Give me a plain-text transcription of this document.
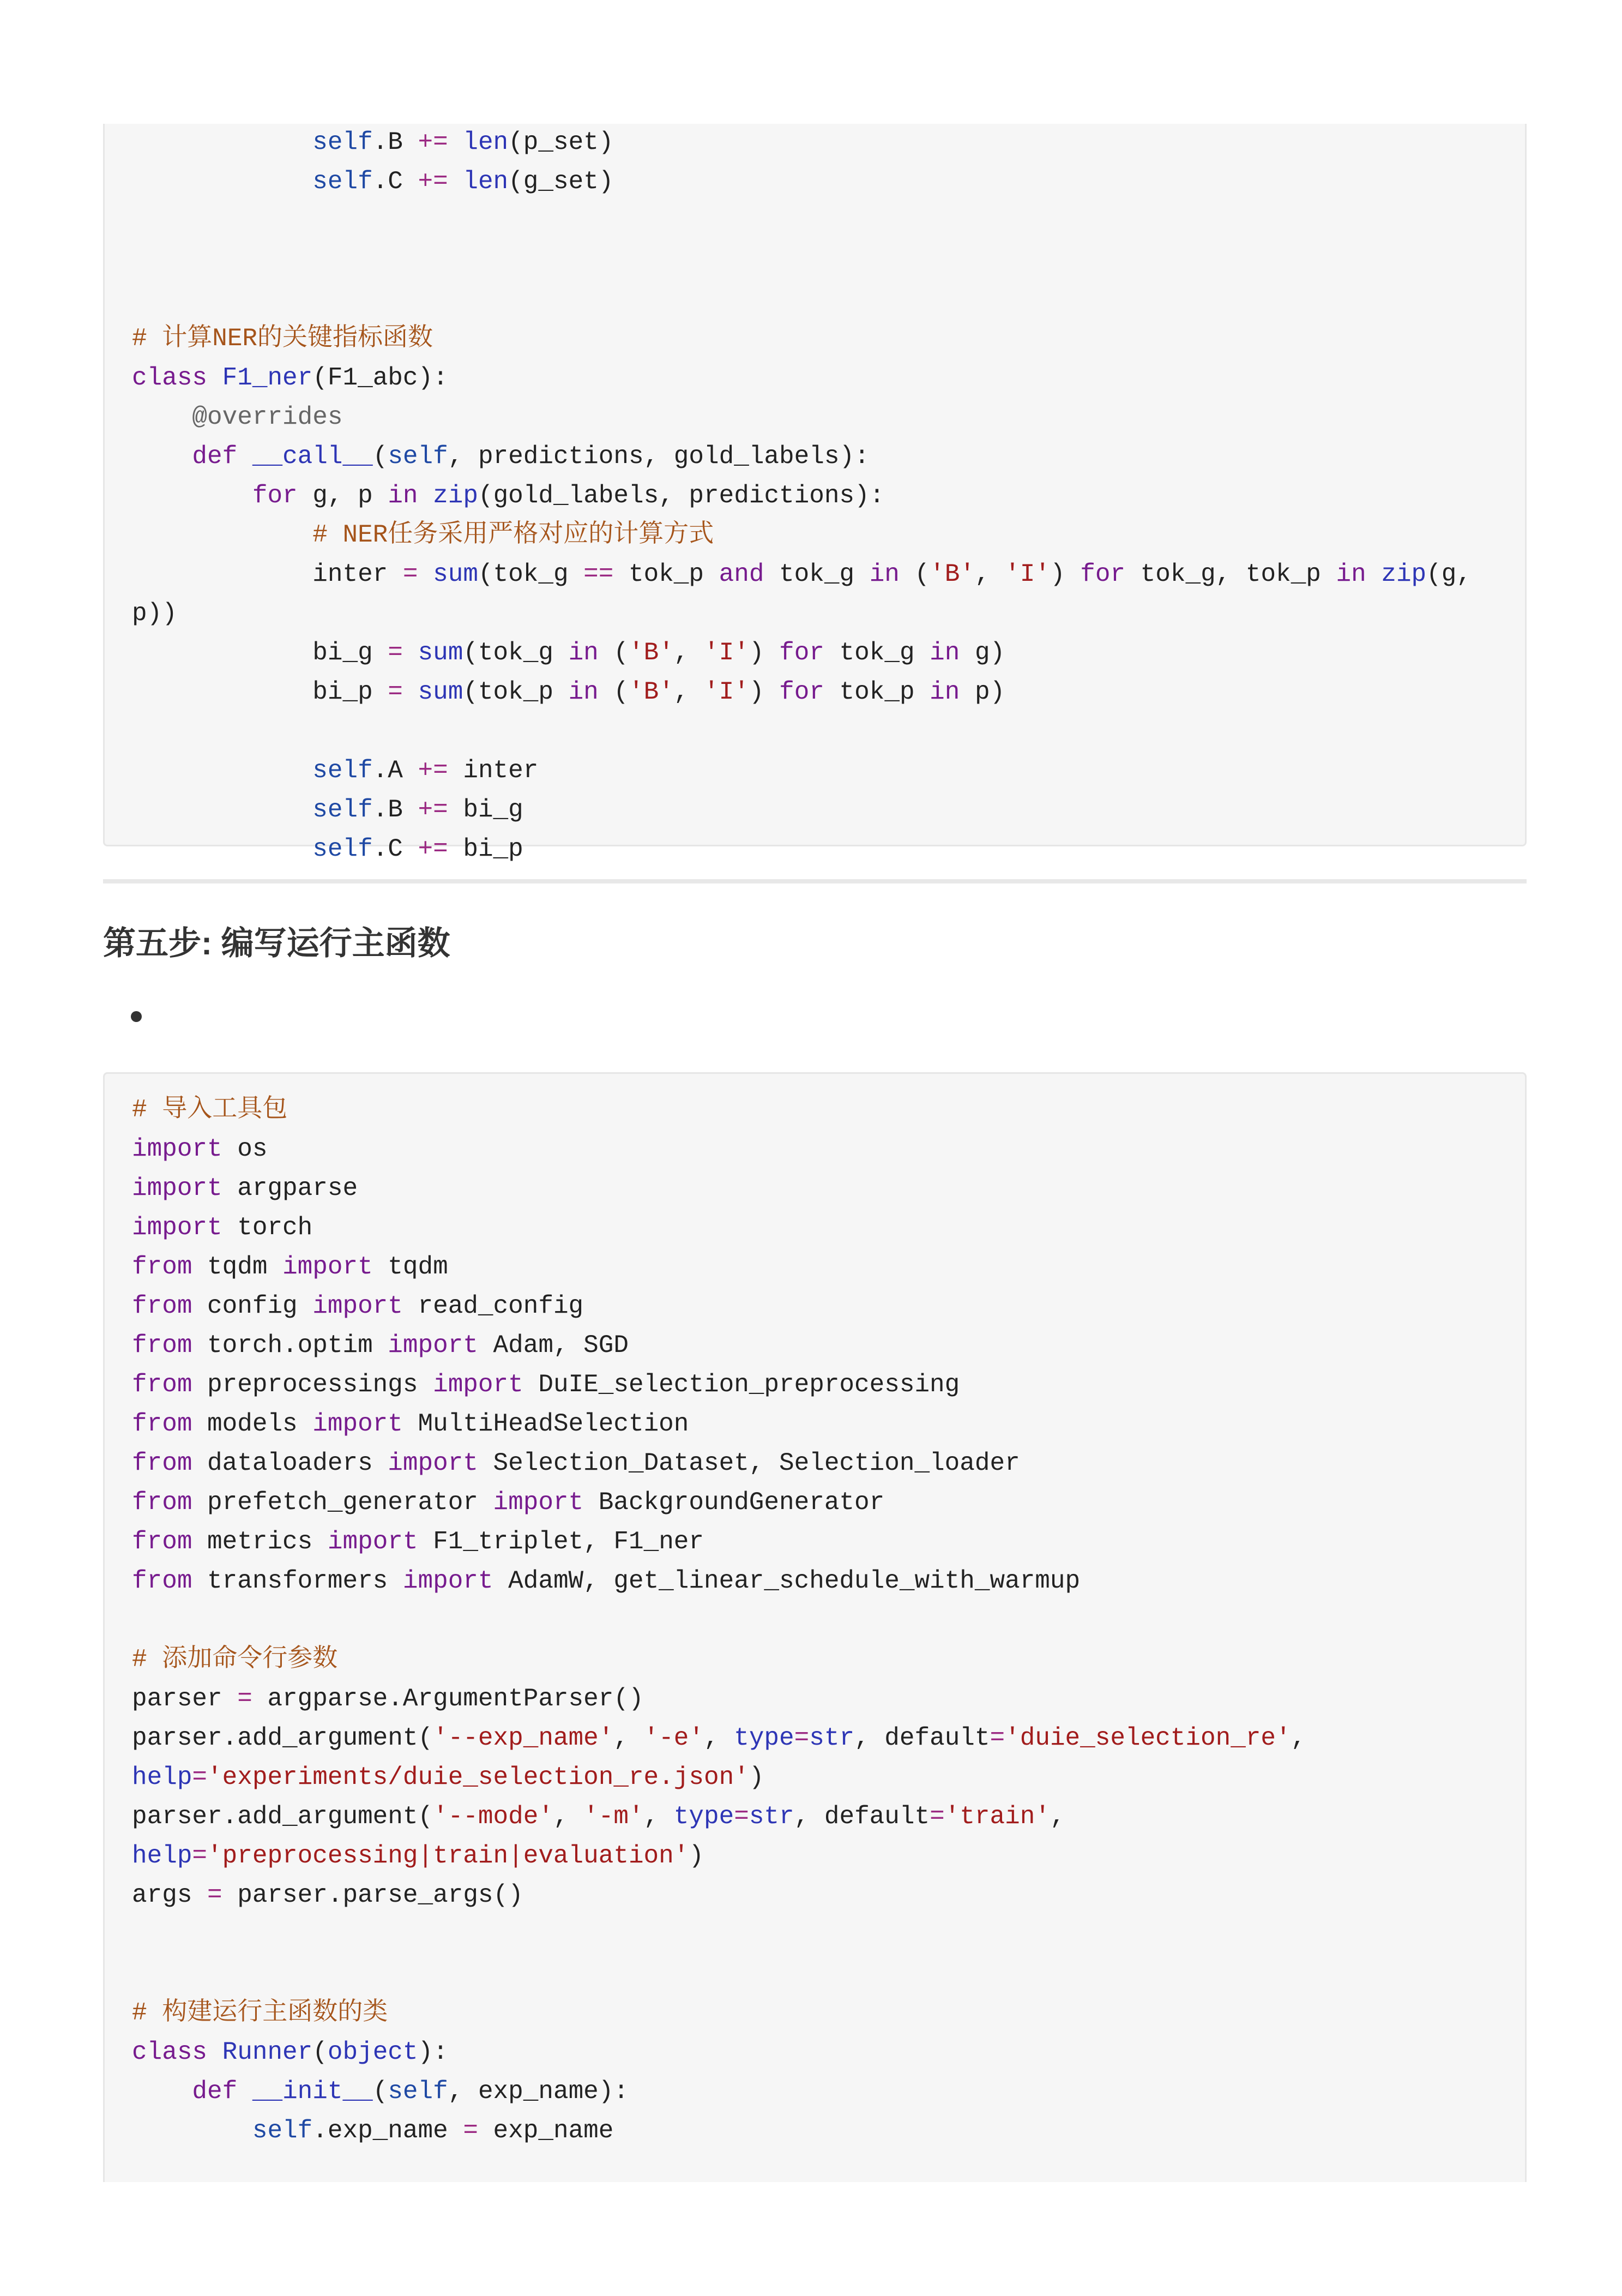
self.B += len(p_set)
self.C += len(g_set)
# 计算NER的关键指标函数
class F1_ner(F1_abc):
@overrides
def __call__(self, predictions, gold_labels):
for g, p in zip(gold_labels, predictions):
# NER任务采用严格对应的计算方式
inter = sum(tok_g == tok_p and tok_g in ('B', 'I') for tok_g, tok_p in zip(g,
p))
bi_g = sum(tok_g in ('B', 'I') for tok_g in g)
bi_p = sum(tok_p in ('B', 'I') for tok_p in p)
self.A += inter
self.B += bi_g
self.C += bi_p
第五步: 编写运行主函数

# 导入工具包
import os
import argparse
import torch
from tqdm import tqdm
from config import read_config
from torch.optim import Adam, SGD
from preprocessings import DuIE_selection_preprocessing
from models import MultiHeadSelection
from dataloaders import Selection_Dataset, Selection_loader
from prefetch_generator import BackgroundGenerator
from metrics import F1_triplet, F1_ner
from transformers import AdamW, get_linear_schedule_with_warmup
# 添加命令行参数
parser = argparse.ArgumentParser()
parser.add_argument('--exp_name', '-e', type=str, default='duie_selection_re',
help='experiments/duie_selection_re.json')
parser.add_argument('--mode', '-m', type=str, default='train',
help='preprocessing|train|evaluation')
args = parser.parse_args()
# 构建运行主函数的类
class Runner(object):
def __init__(self, exp_name):
self.exp_name = exp_name
